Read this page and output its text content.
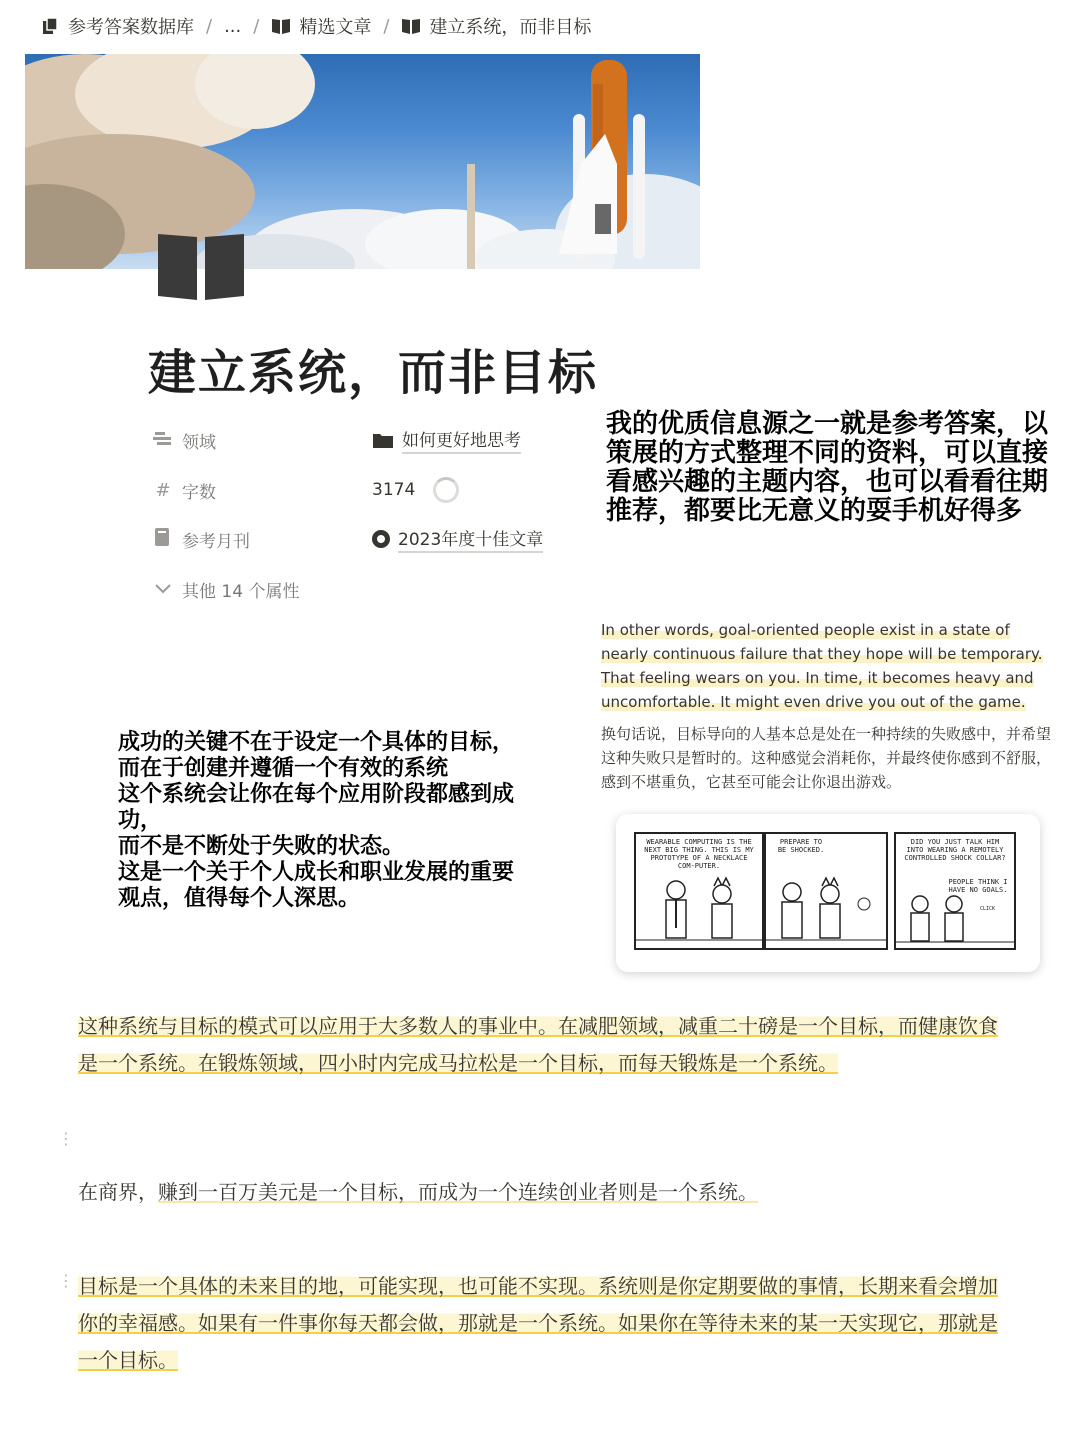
参考答案数据库 / ... / 精选文章 / 建立系统，而非目标
建立系统，而非目标
领域	如何更好地思考
# 字数	3174
参考月刊	2023年度十佳文章
其他 14 个属性
我的优质信息源之一就是参考答案，以策展的方式整理不同的资料，可以直接看感兴趣的主题内容，也可以看看往期推荐，都要比无意义的耍手机好得多
In other words, goal-oriented people exist in a state of nearly continuous failure that they hope will be temporary. That feeling wears on you. In time, it becomes heavy and uncomfortable. It might even drive you out of the game.
换句话说，目标导向的人基本总是处在一种持续的失败感中，并希望这种失败只是暂时的。这种感觉会消耗你，并最终使你感到不舒服，感到不堪重负，它甚至可能会让你退出游戏。
成功的关键不在于设定一个具体的目标，
而在于创建并遵循一个有效的系统
这个系统会让你在每个应用阶段都感到成功，
而不是不断处于失败的状态。
这是一个关于个人成长和职业发展的重要观点，值得每个人深思。
WEARABLE COMPUTING IS THE NEXT BIG THING. THIS IS MY PROTOTYPE OF A NECKLACE COM-PUTER.
PREPARE TO BE SHOCKED.
DID YOU JUST TALK HIM INTO WEARING A REMOTELY CONTROLLED SHOCK COLLAR?
PEOPLE THINK I HAVE NO GOALS.
CLICK
这种系统与目标的模式可以应用于大多数人的事业中。在减肥领域，减重二十磅是一个目标，而健康饮食是一个系统。在锻炼领域，四小时内完成马拉松是一个目标，而每天锻炼是一个系统。
⋮
在商界，赚到一百万美元是一个目标，而成为一个连续创业者则是一个系统。
⋮ 目标是一个具体的未来目的地，可能实现，也可能不实现。系统则是你定期要做的事情，长期来看会增加你的幸福感。如果有一件事你每天都会做，那就是一个系统。如果你在等待未来的某一天实现它，那就是一个目标。
